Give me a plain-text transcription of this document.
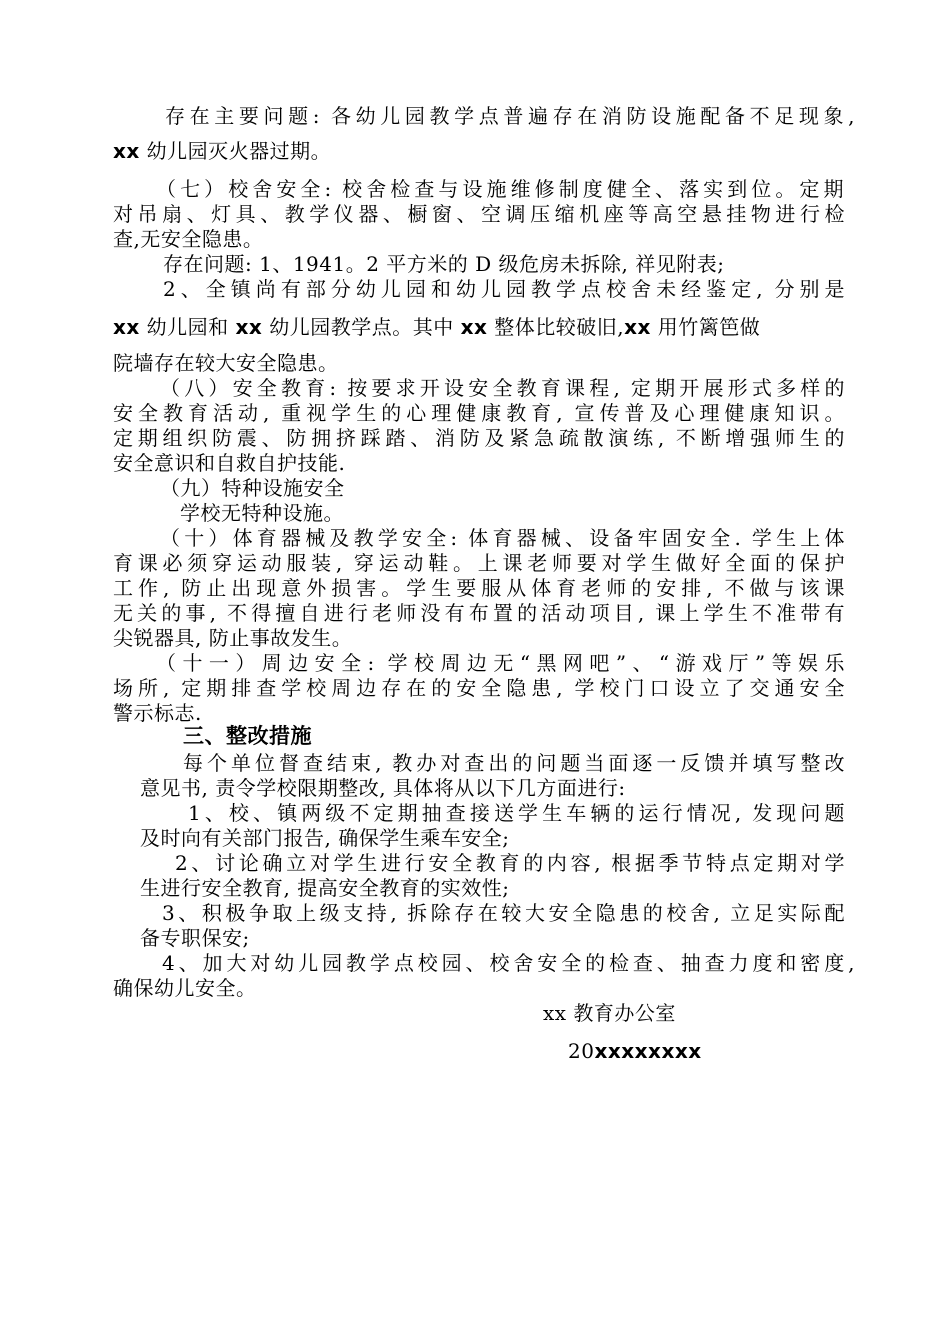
存在主要问题: 各幼儿园教学点普遍存在消防设施配备不足现象,
xx 幼儿园灭火器过期。
（七）校舍安全: 校舍检查与设施维修制度健全、落实到位。定期
对吊扇、灯具、教学仪器、橱窗、空调压缩机座等高空悬挂物进行检
查,无安全隐患。
存在问题: 1、1941。2 平方米的 D 级危房未拆除, 祥见附表;
2、全镇尚有部分幼儿园和幼儿园教学点校舍未经鉴定, 分别是
xx 幼儿园和 xx 幼儿园教学点。其中 xx 整体比较破旧,xx 用竹篱笆做
院墙存在较大安全隐患。
（八）安全教育: 按要求开设安全教育课程, 定期开展形式多样的
安全教育活动, 重视学生的心理健康教育, 宣传普及心理健康知识。
定期组织防震、防拥挤踩踏、消防及紧急疏散演练, 不断增强师生的
安全意识和自救自护技能.
（九）特种设施安全
学校无特种设施。
（十）体育器械及教学安全: 体育器械、设备牢固安全. 学生上体
育课必须穿运动服装, 穿运动鞋。上课老师要对学生做好全面的保护
工作, 防止出现意外损害。学生要服从体育老师的安排, 不做与该课
无关的事, 不得擅自进行老师没有布置的活动项目, 课上学生不准带有
尖锐器具, 防止事故发生。
（十一）周边安全: 学校周边无“黑网吧”、“游戏厅”等娱乐
场所, 定期排查学校周边存在的安全隐患, 学校门口设立了交通安全
警示标志.
三、整改措施
每个单位督查结束, 教办对查出的问题当面逐一反馈并填写整改
意见书, 责令学校限期整改, 具体将从以下几方面进行:
1、校、镇两级不定期抽查接送学生车辆的运行情况, 发现问题
及时向有关部门报告, 确保学生乘车安全;
2、讨论确立对学生进行安全教育的内容, 根据季节特点定期对学
生进行安全教育, 提高安全教育的实效性;
3、积极争取上级支持, 拆除存在较大安全隐患的校舍, 立足实际配
备专职保安;
4、加大对幼儿园教学点校园、校舍安全的检查、抽查力度和密度,
确保幼儿安全。
xx 教育办公室
20xxxxxxxx
